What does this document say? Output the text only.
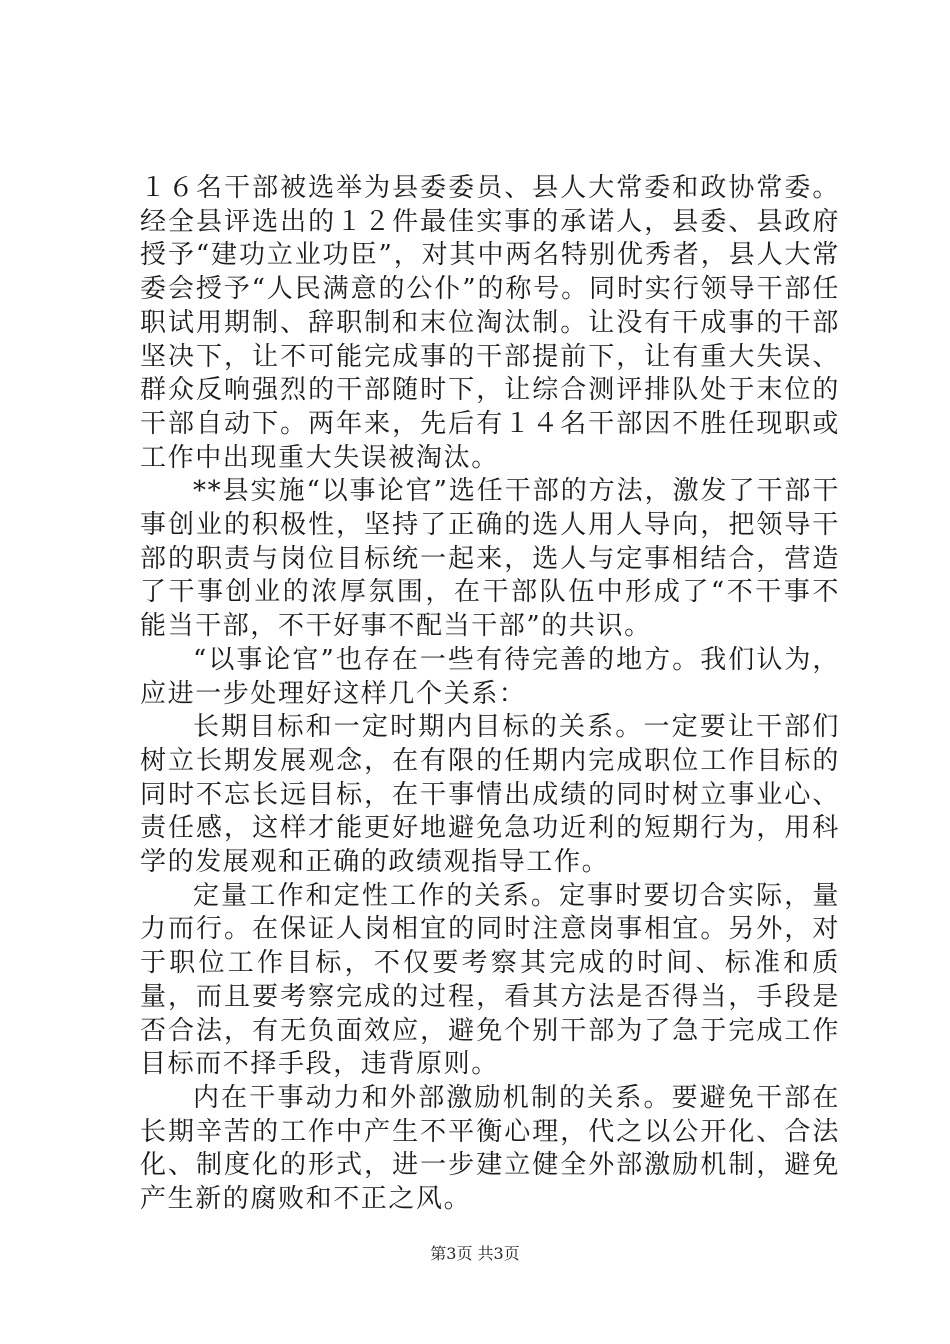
１６名干部被选举为县委委员、县人大常委和政协常委。经全县评选出的１２件最佳实事的承诺人，县委、县政府授予“建功立业功臣”，对其中两名特别优秀者，县人大常委会授予“人民满意的公仆”的称号。同时实行领导干部任职试用期制、辞职制和末位淘汰制。让没有干成事的干部坚决下，让不可能完成事的干部提前下，让有重大失误、群众反响强烈的干部随时下，让综合测评排队处于末位的干部自动下。两年来，先后有１４名干部因不胜任现职或工作中出现重大失误被淘汰。

**县实施“以事论官”选任干部的方法，激发了干部干事创业的积极性，坚持了正确的选人用人导向，把领导干部的职责与岗位目标统一起来，选人与定事相结合，营造了干事创业的浓厚氛围，在干部队伍中形成了“不干事不能当干部，不干好事不配当干部”的共识。

“以事论官”也存在一些有待完善的地方。我们认为，应进一步处理好这样几个关系：

长期目标和一定时期内目标的关系。一定要让干部们树立长期发展观念，在有限的任期内完成职位工作目标的同时不忘长远目标，在干事情出成绩的同时树立事业心、责任感，这样才能更好地避免急功近利的短期行为，用科学的发展观和正确的政绩观指导工作。

定量工作和定性工作的关系。定事时要切合实际，量力而行。在保证人岗相宜的同时注意岗事相宜。另外，对于职位工作目标，不仅要考察其完成的时间、标准和质量，而且要考察完成的过程，看其方法是否得当，手段是否合法，有无负面效应，避免个别干部为了急于完成工作目标而不择手段，违背原则。

内在干事动力和外部激励机制的关系。要避免干部在长期辛苦的工作中产生不平衡心理，代之以公开化、合法化、制度化的形式，进一步建立健全外部激励机制，避免产生新的腐败和不正之风。

第3页 共3页
